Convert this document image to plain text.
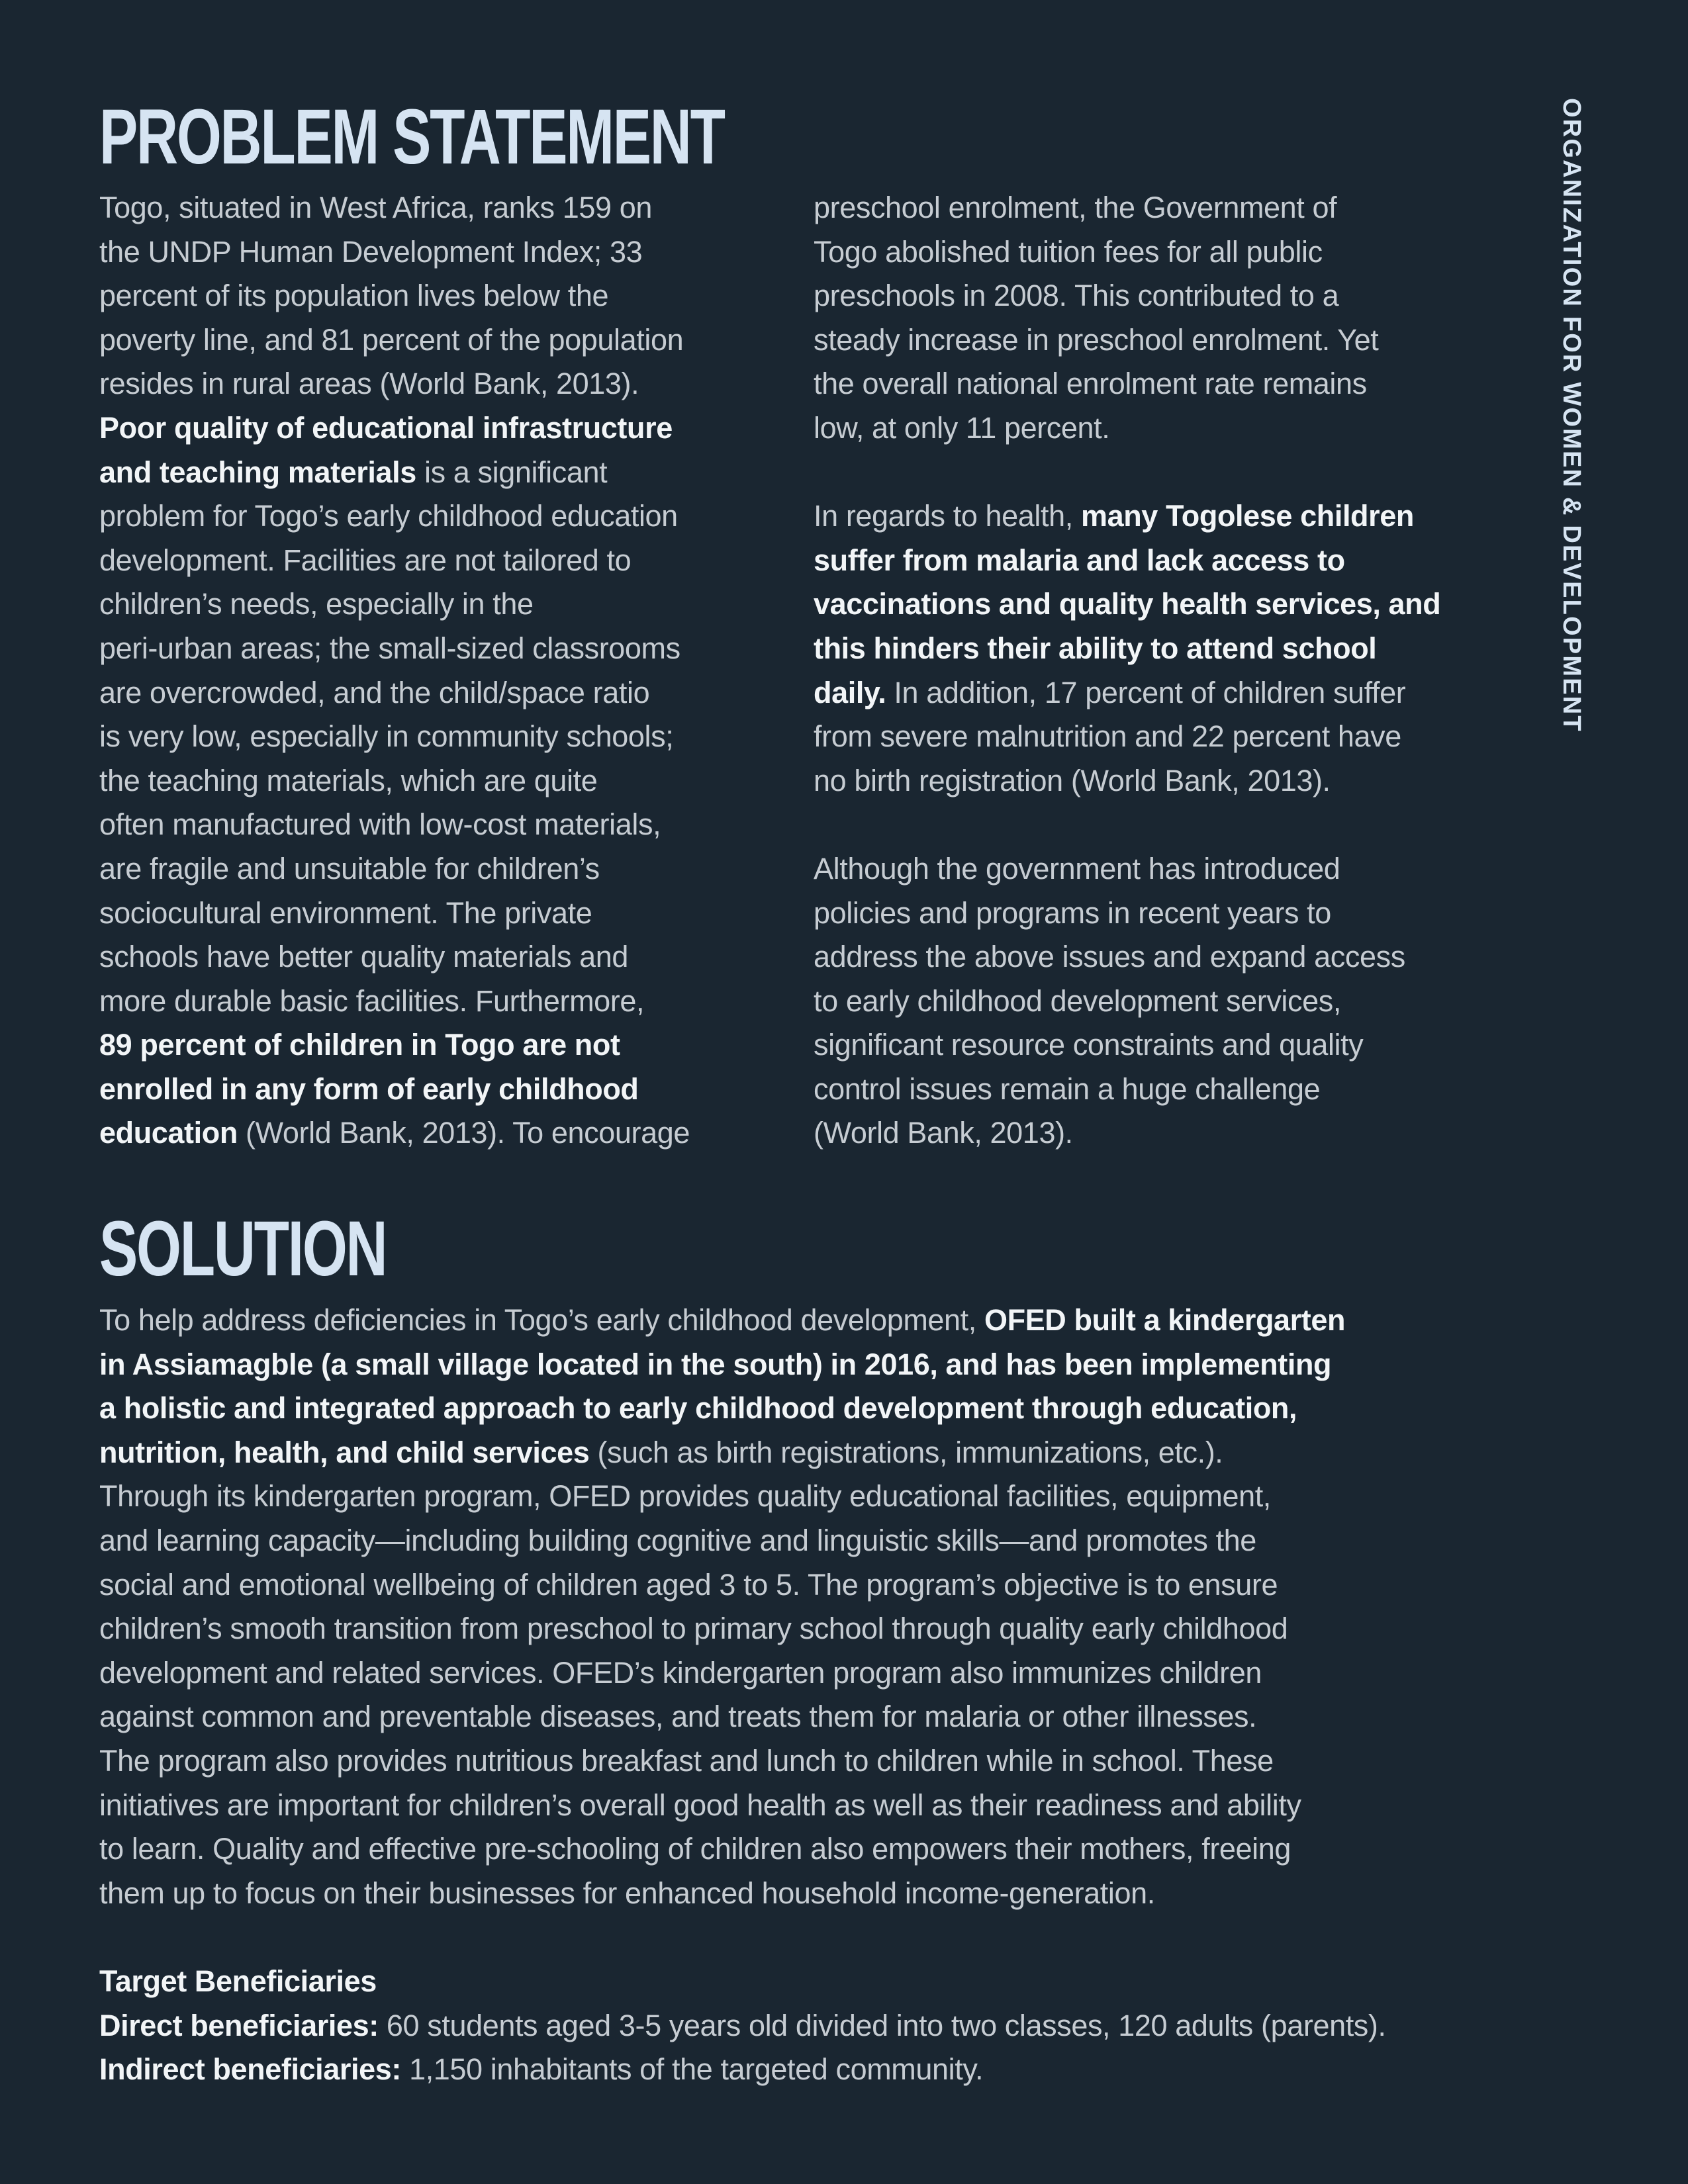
PROBLEM STATEMENT
Togo, situated in West Africa, ranks 159 on
the UNDP Human Development Index; 33
percent of its population lives below the
poverty line, and 81 percent of the population
resides in rural areas (World Bank, 2013).
Poor quality of educational infrastructure
and teaching materials is a significant
problem for Togo’s early childhood education
development. Facilities are not tailored to
children’s needs, especially in the
peri-urban areas; the small-sized classrooms
are overcrowded, and the child/space ratio
is very low, especially in community schools;
the teaching materials, which are quite
often manufactured with low-cost materials,
are fragile and unsuitable for children’s
sociocultural environment. The private
schools have better quality materials and
more durable basic facilities. Furthermore,
89 percent of children in Togo are not
enrolled in any form of early childhood
education (World Bank, 2013). To encourage
preschool enrolment, the Government of
Togo abolished tuition fees for all public
preschools in 2008. This contributed to a
steady increase in preschool enrolment. Yet
the overall national enrolment rate remains
low, at only 11 percent.
In regards to health, many Togolese children
suffer from malaria and lack access to
vaccinations and quality health services, and
this hinders their ability to attend school
daily. In addition, 17 percent of children suffer
from severe malnutrition and 22 percent have
no birth registration (World Bank, 2013).
Although the government has introduced
policies and programs in recent years to
address the above issues and expand access
to early childhood development services,
significant resource constraints and quality
control issues remain a huge challenge
(World Bank, 2013).
SOLUTION
To help address deficiencies in Togo’s early childhood development, OFED built a kindergarten
in Assiamagble (a small village located in the south) in 2016, and has been implementing
a holistic and integrated approach to early childhood development through education,
nutrition, health, and child services (such as birth registrations, immunizations, etc.).
Through its kindergarten program, OFED provides quality educational facilities, equipment,
and learning capacity—including building cognitive and linguistic skills—and promotes the
social and emotional wellbeing of children aged 3 to 5. The program’s objective is to ensure
children’s smooth transition from preschool to primary school through quality early childhood
development and related services. OFED’s kindergarten program also immunizes children
against common and preventable diseases, and treats them for malaria or other illnesses.
The program also provides nutritious breakfast and lunch to children while in school. These
initiatives are important for children’s overall good health as well as their readiness and ability
to learn. Quality and effective pre-schooling of children also empowers their mothers, freeing
them up to focus on their businesses for enhanced household income-generation.
Target Beneficiaries
Direct beneficiaries: 60 students aged 3-5 years old divided into two classes, 120 adults (parents).
Indirect beneficiaries: 1,150 inhabitants of the targeted community.
ORGANIZATION FOR WOMEN & DEVELOPMENT
